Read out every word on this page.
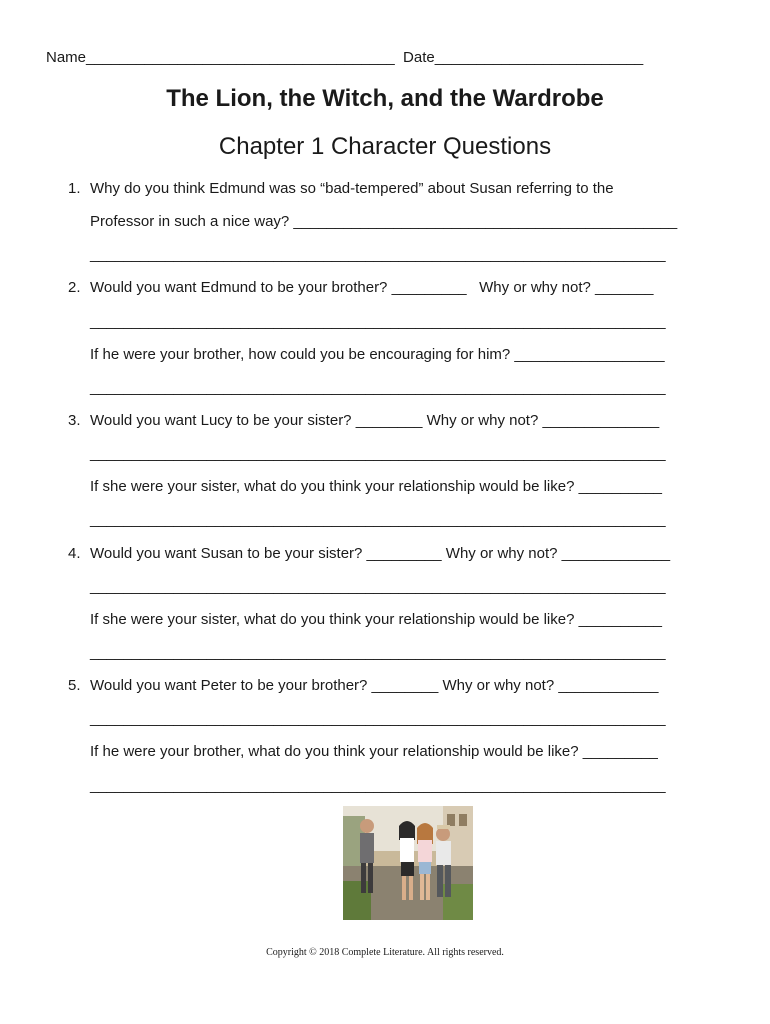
Name_____________________________________ Date_________________________
The Lion, the Witch, and the Wardrobe
Chapter 1 Character Questions
1. Why do you think Edmund was so “bad-tempered” about Susan referring to the
Professor in such a nice way? ______________________________________________
_____________________________________________________________________
2. Would you want Edmund to be your brother? _________   Why or why not? _______
_____________________________________________________________________
If he were your brother, how could you be encouraging for him? __________________
_____________________________________________________________________
3. Would you want Lucy to be your sister? ________ Why or why not? ______________
_____________________________________________________________________
If she were your sister, what do you think your relationship would be like? __________
_____________________________________________________________________
4. Would you want Susan to be your sister? _________ Why or why not? _____________
_____________________________________________________________________
If she were your sister, what do you think your relationship would be like? __________
_____________________________________________________________________
5. Would you want Peter to be your brother? ________ Why or why not? ____________
_____________________________________________________________________
If he were your brother, what do you think your relationship would be like? _________
_____________________________________________________________________
Copyright © 2018 Complete Literature. All rights reserved.
